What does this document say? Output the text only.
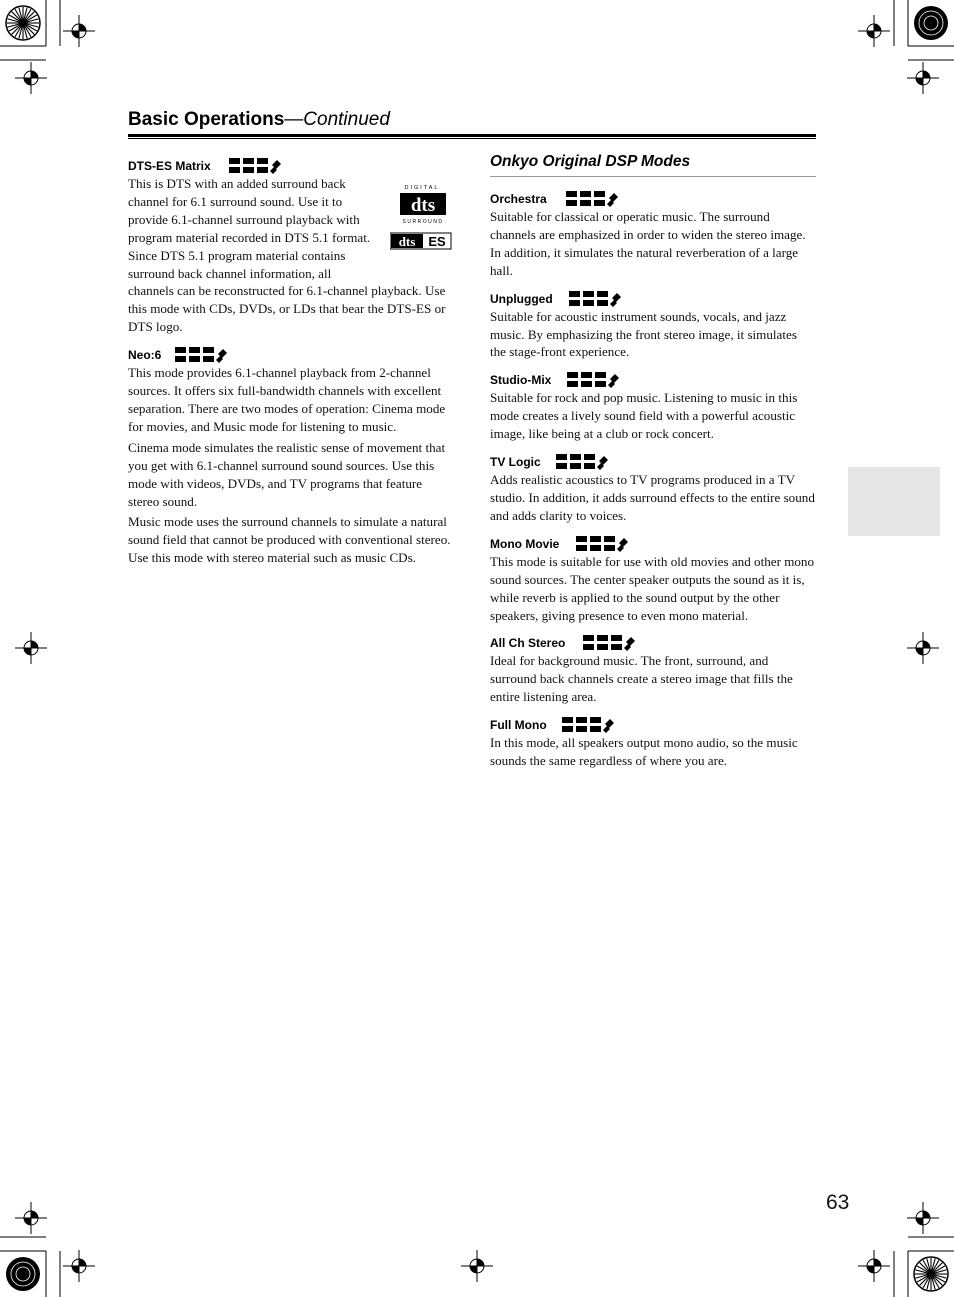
Basic Operations—Continued
DTS-ES Matrix
DIGITAL
dts
SURROUND
dts ES

This is DTS with an added surround back channel for 6.1 surround sound. Use it to provide 6.1-channel surround playback with program material recorded in DTS 5.1 format. Since DTS 5.1 program material contains surround back channel information, all channels can be reconstructed for 6.1-channel playback. Use this mode with CDs, DVDs, or LDs that bear the DTS-ES or DTS logo.

Neo:6

This mode provides 6.1-channel playback from 2-channel sources. It offers six full-bandwidth channels with excellent separation. There are two modes of operation: Cinema mode for movies, and Music mode for listening to music.

Cinema mode simulates the realistic sense of movement that you get with 6.1-channel surround sound sources. Use this mode with videos, DVDs, and TV programs that feature stereo sound.

Music mode uses the surround channels to simulate a natural sound field that cannot be produced with conventional stereo. Use this mode with stereo material such as music CDs.

Onkyo Original DSP Modes
Orchestra

Suitable for classical or operatic music. The surround channels are emphasized in order to widen the stereo image. In addition, it simulates the natural reverberation of a large hall.

Unplugged

Suitable for acoustic instrument sounds, vocals, and jazz music. By emphasizing the front stereo image, it simulates the stage-front experience.

Studio-Mix

Suitable for rock and pop music. Listening to music in this mode creates a lively sound field with a powerful acoustic image, like being at a club or rock concert.

TV Logic

Adds realistic acoustics to TV programs produced in a TV studio. In addition, it adds surround effects to the entire sound and adds clarity to voices.

Mono Movie

This mode is suitable for use with old movies and other mono sound sources. The center speaker outputs the sound as it is, while reverb is applied to the sound output by the other speakers, giving presence to even mono material.

All Ch Stereo

Ideal for background music. The front, surround, and surround back channels create a stereo image that fills the entire listening area.

Full Mono

In this mode, all speakers output mono audio, so the music sounds the same regardless of where you are.

63
